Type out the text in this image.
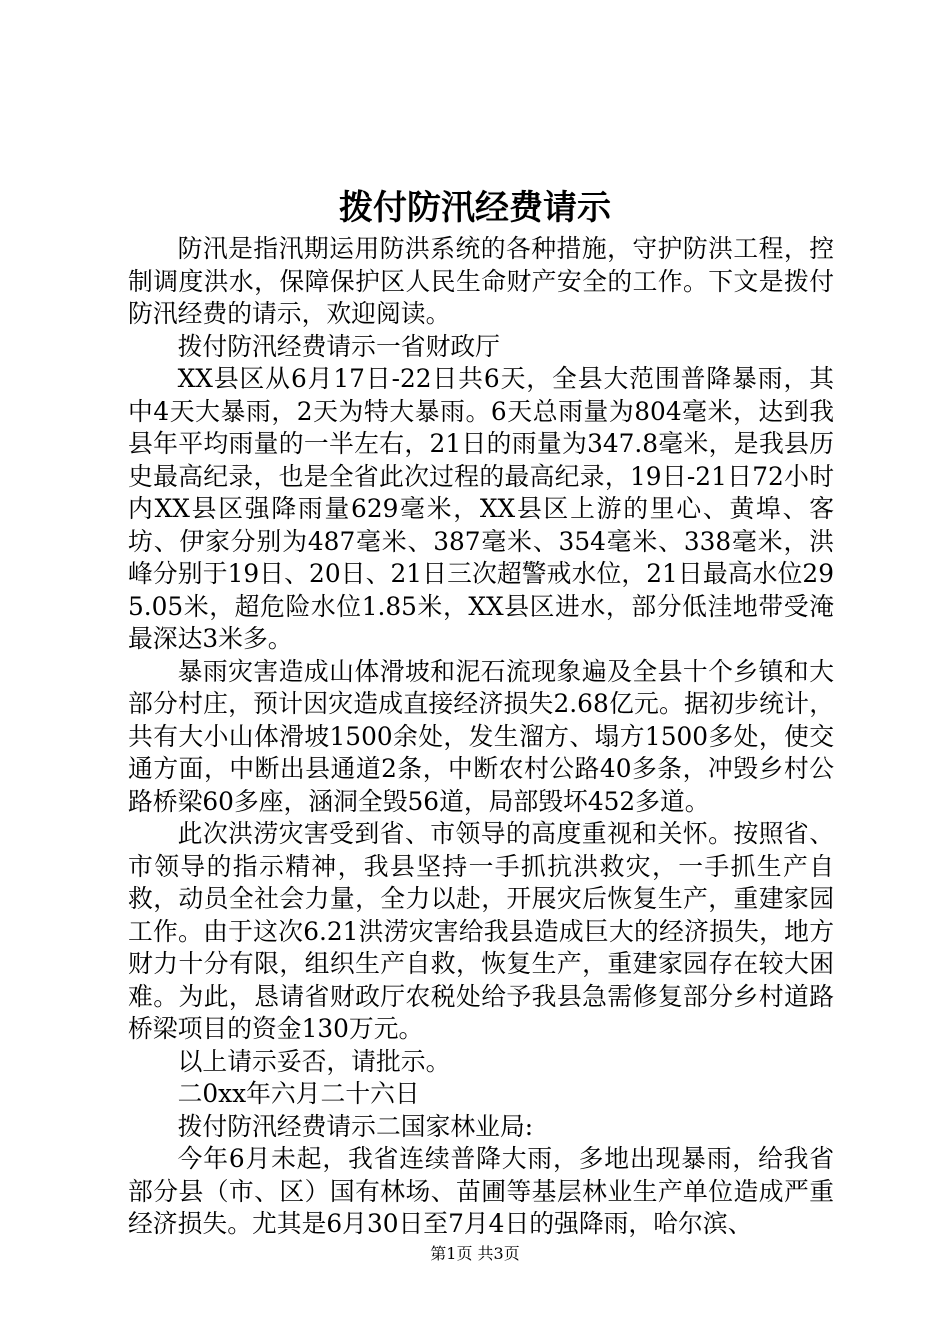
拨付防汛经费请示

防汛是指汛期运用防洪系统的各种措施，守护防洪工程，控制调度洪水，保障保护区人民生命财产安全的工作。下文是拨付防汛经费的请示，欢迎阅读。

拨付防汛经费请示一省财政厅

XX县区从6月17日-22日共6天，全县大范围普降暴雨，其中4天大暴雨，2天为特大暴雨。6天总雨量为804毫米，达到我县年平均雨量的一半左右，21日的雨量为347.8毫米，是我县历史最高纪录，也是全省此次过程的最高纪录，19日-21日72小时内XX县区强降雨量629毫米，XX县区上游的里心、黄埠、客坊、伊家分别为487毫米、387毫米、354毫米、338毫米，洪峰分别于19日、20日、21日三次超警戒水位，21日最高水位295.05米，超危险水位1.85米，XX县区进水，部分低洼地带受淹最深达3米多。

暴雨灾害造成山体滑坡和泥石流现象遍及全县十个乡镇和大部分村庄，预计因灾造成直接经济损失2.68亿元。据初步统计，共有大小山体滑坡1500余处，发生溜方、塌方1500多处，使交通方面，中断出县通道2条，中断农村公路40多条，冲毁乡村公路桥梁60多座，涵洞全毁56道，局部毁坏452多道。

此次洪涝灾害受到省、市领导的高度重视和关怀。按照省、市领导的指示精神，我县坚持一手抓抗洪救灾，一手抓生产自救，动员全社会力量，全力以赴，开展灾后恢复生产，重建家园工作。由于这次6.21洪涝灾害给我县造成巨大的经济损失，地方财力十分有限，组织生产自救，恢复生产，重建家园存在较大困难。为此，恳请省财政厅农税处给予我县急需修复部分乡村道路桥梁项目的资金130万元。

以上请示妥否，请批示。

二0xx年六月二十六日

拨付防汛经费请示二国家林业局:

今年6月未起，我省连续普降大雨，多地出现暴雨，给我省部分县（市、区）国有林场、苗圃等基层林业生产单位造成严重经济损失。尤其是6月30日至7月4日的强降雨，哈尔滨、

第1页 共3页
